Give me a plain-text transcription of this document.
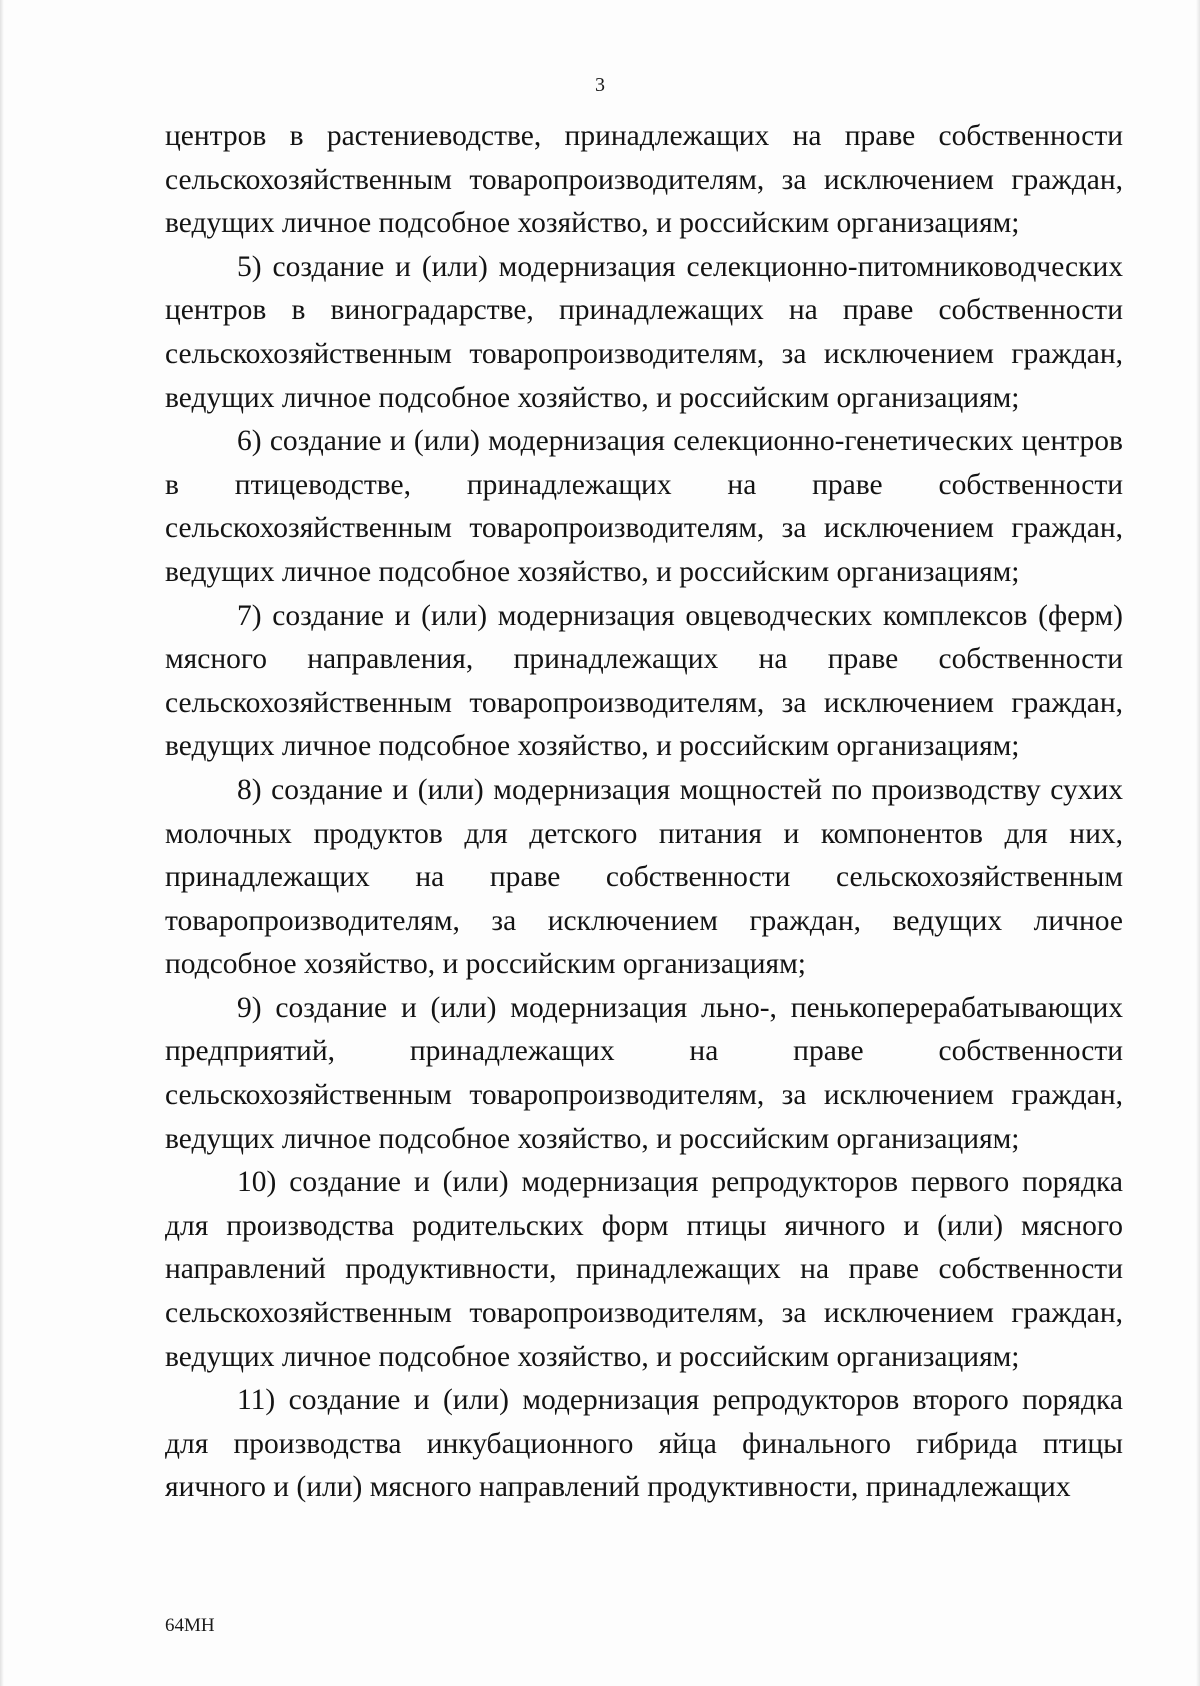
3

центров в растениеводстве, принадлежащих на праве собственности сельскохозяйственным товаропроизводителям, за исключением граждан, ведущих личное подсобное хозяйство, и российским организациям;

5) создание и (или) модернизация селекционно-питомниководческих центров в виноградарстве, принадлежащих на праве собственности сельскохозяйственным товаропроизводителям, за исключением граждан, ведущих личное подсобное хозяйство, и российским организациям;

6) создание и (или) модернизация селекционно-генетических центров в птицеводстве, принадлежащих на праве собственности сельскохозяйственным товаропроизводителям, за исключением граждан, ведущих личное подсобное хозяйство, и российским организациям;

7) создание и (или) модернизация овцеводческих комплексов (ферм) мясного направления, принадлежащих на праве собственности сельскохозяйственным товаропроизводителям, за исключением граждан, ведущих личное подсобное хозяйство, и российским организациям;

8) создание и (или) модернизация мощностей по производству сухих молочных продуктов для детского питания и компонентов для них, принадлежащих на праве собственности сельскохозяйственным товаропроизводителям, за исключением граждан, ведущих личное подсобное хозяйство, и российским организациям;

9) создание и (или) модернизация льно-, пенькоперерабатывающих предприятий, принадлежащих на праве собственности сельскохозяйственным товаропроизводителям, за исключением граждан, ведущих личное подсобное хозяйство, и российским организациям;

10) создание и (или) модернизация репродукторов первого порядка для производства родительских форм птицы яичного и (или) мясного направлений продуктивности, принадлежащих на праве собственности сельскохозяйственным товаропроизводителям, за исключением граждан, ведущих личное подсобное хозяйство, и российским организациям;

11) создание и (или) модернизация репродукторов второго порядка для производства инкубационного яйца финального гибрида птицы яичного и (или) мясного направлений продуктивности, принадлежащих

64МН
